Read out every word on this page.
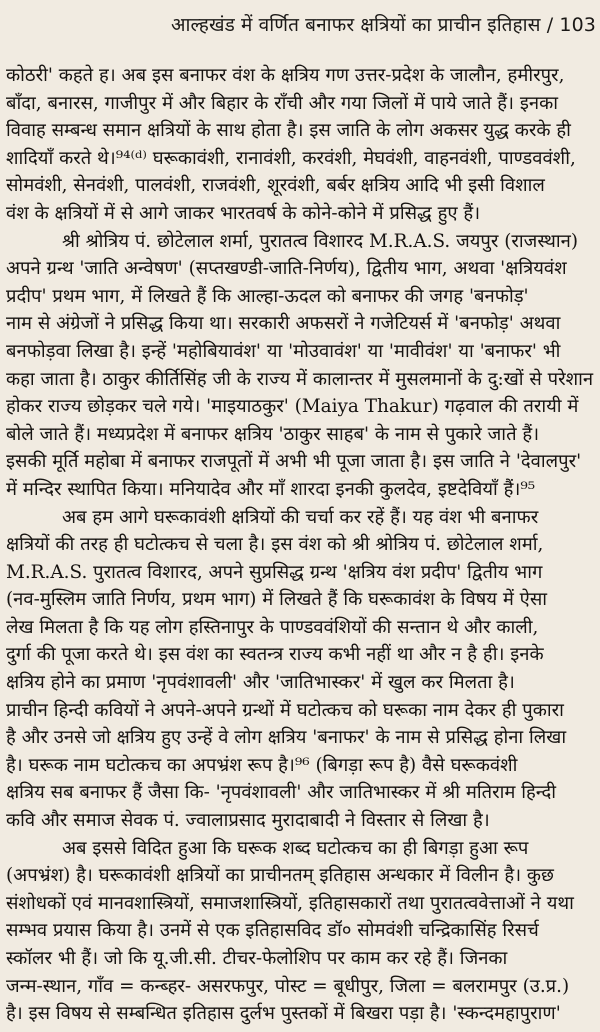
आल्हखंड में वर्णित बनाफर क्षत्रियों का प्राचीन इतिहास / 103
कोठरी' कहते ह। अब इस बनाफर वंश के क्षत्रिय गण उत्तर-प्रदेश के जालौन, हमीरपुर,
बाँदा, बनारस, गाजीपुर में और बिहार के राँची और गया जिलों में पाये जाते हैं। इनका
विवाह सम्बन्ध समान क्षत्रियों के साथ होता है। इस जाति के लोग अकसर युद्ध करके ही
शादियाँ करते थे।⁹⁴⁽ᵈ⁾ घरूकावंशी, रानावंशी, करवंशी, मेघवंशी, वाहनवंशी, पाण्डववंशी,
सोमवंशी, सेनवंशी, पालवंशी, राजवंशी, शूरवंशी, बर्बर क्षत्रिय आदि भी इसी विशाल
वंश के क्षत्रियों में से आगे जाकर भारतवर्ष के कोने-कोने में प्रसिद्ध हुए हैं।
श्री श्रोत्रिय पं. छोटेलाल शर्मा, पुरातत्व विशारद M.R.A.S. जयपुर (राजस्थान)
अपने ग्रन्थ 'जाति अन्वेषण' (सप्तखण्डी-जाति-निर्णय), द्वितीय भाग, अथवा 'क्षत्रियवंश
प्रदीप' प्रथम भाग, में लिखते हैं कि आल्हा-ऊदल को बनाफर की जगह 'बनफोड़'
नाम से अंग्रेजों ने प्रसिद्ध किया था। सरकारी अफसरों ने गजेटियर्स में 'बनफोड़' अथवा
बनफोड़वा लिखा है। इन्हें 'महोबियावंश' या 'मोउवावंश' या 'मावीवंश' या 'बनाफर' भी
कहा जाता है। ठाकुर कीर्तिसिंह जी के राज्य में कालान्तर में मुसलमानों के दु:खों से परेशान
होकर राज्य छोड़कर चले गये। 'माइयाठकुर' (Maiya Thakur) गढ़वाल की तरायी में
बोले जाते हैं। मध्यप्रदेश में बनाफर क्षत्रिय 'ठाकुर साहब' के नाम से पुकारे जाते हैं।
इसकी मूर्ति महोबा में बनाफर राजपूतों में अभी भी पूजा जाता है। इस जाति ने 'देवालपुर'
में मन्दिर स्थापित किया। मनियादेव और माँ शारदा इनकी कुलदेव, इष्टदेवियाँ हैं।⁹⁵
अब हम आगे घरूकावंशी क्षत्रियों की चर्चा कर रहें हैं। यह वंश भी बनाफर
क्षत्रियों की तरह ही घटोत्कच से चला है। इस वंश को श्री श्रोत्रिय पं. छोटेलाल शर्मा,
M.R.A.S. पुरातत्व विशारद, अपने सुप्रसिद्ध ग्रन्थ 'क्षत्रिय वंश प्रदीप' द्वितीय भाग
(नव-मुस्लिम जाति निर्णय, प्रथम भाग) में लिखते हैं कि घरूकावंश के विषय में ऐसा
लेख मिलता है कि यह लोग हस्तिनापुर के पाण्डववंशियों की सन्तान थे और काली,
दुर्गा की पूजा करते थे। इस वंश का स्वतन्त्र राज्य कभी नहीं था और न है ही। इनके
क्षत्रिय होने का प्रमाण 'नृपवंशावली' और 'जातिभास्कर' में खुल कर मिलता है।
प्राचीन हिन्दी कवियों ने अपने-अपने ग्रन्थों में घटोत्कच को घरूका नाम देकर ही पुकारा
है और उनसे जो क्षत्रिय हुए उन्हें वे लोग क्षत्रिय 'बनाफर' के नाम से प्रसिद्ध होना लिखा
है। घरूक नाम घटोत्कच का अपभ्रंश रूप है।⁹⁶ (बिगड़ा रूप है) वैसे घरूकवंशी
क्षत्रिय सब बनाफर हैं जैसा कि- 'नृपवंशावली' और जातिभास्कर में श्री मतिराम हिन्दी
कवि और समाज सेवक पं. ज्वालाप्रसाद मुरादाबादी ने विस्तार से लिखा है।
अब इससे विदित हुआ कि घरूक शब्द घटोत्कच का ही बिगड़ा हुआ रूप
(अपभ्रंश) है। घरूकावंशी क्षत्रियों का प्राचीनतम् इतिहास अन्धकार में विलीन है। कुछ
संशोधकों एवं मानवशास्त्रियों, समाजशास्त्रियों, इतिहासकारों तथा पुरातत्ववेत्ताओं ने यथा
सम्भव प्रयास किया है। उनमें से एक इतिहासविद डॉ० सोमवंशी चन्द्रिकासिंह रिसर्च
स्कॉलर भी हैं। जो कि यू.जी.सी. टीचर-फेलोशिप पर काम कर रहे हैं। जिनका
जन्म-स्थान, गाँव = कन्ब्हर- असरफपुर, पोस्ट = बूधीपुर, जिला = बलरामपुर (उ.प्र.)
है। इस विषय से सम्बन्धित इतिहास दुर्लभ पुस्तकों में बिखरा पड़ा है। 'स्कन्दमहापुराण'
